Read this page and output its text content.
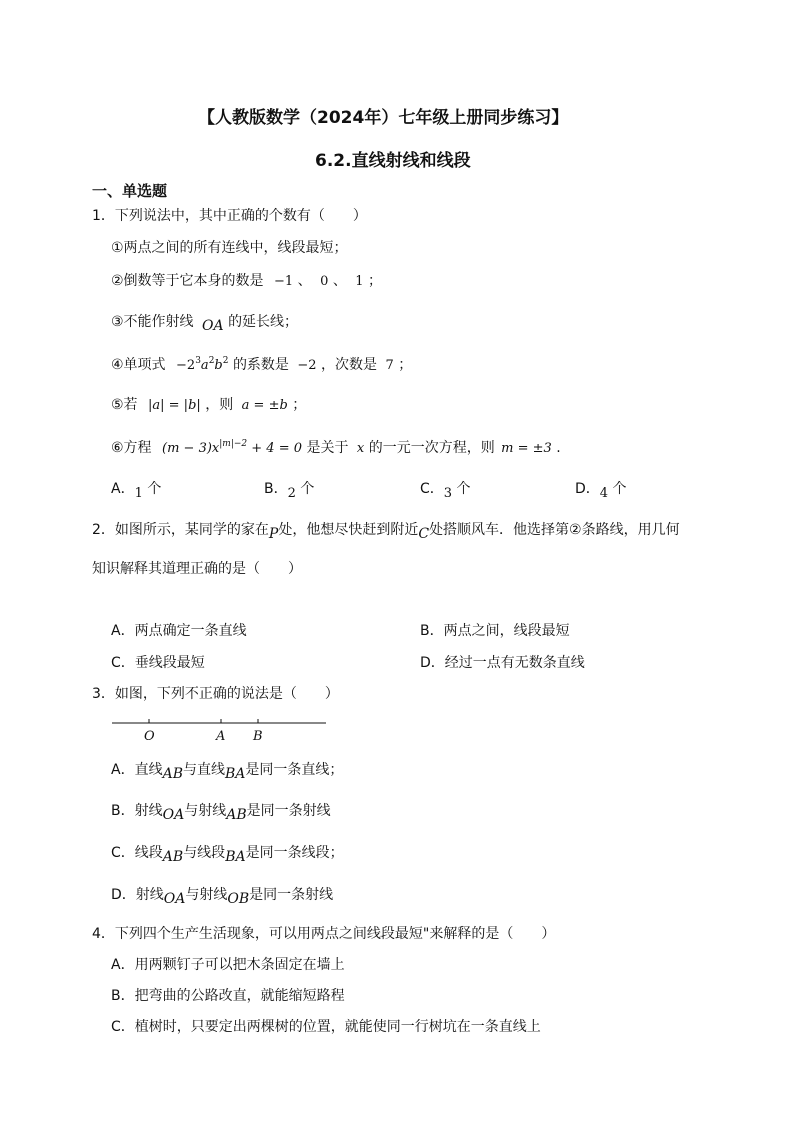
【人教版数学（2024年）七年级上册同步练习】
6.2.直线射线和线段
一、单选题
1．下列说法中，其中正确的个数有（　　）
①两点之间的所有连线中，线段最短；
②倒数等于它本身的数是 −1 、 0 、 1 ；
③不能作射线 OA 的延长线；
④单项式 $-2^3a^2b^2$ 的系数是 −2 ，次数是 7 ；
⑤若 |a| = |b| ，则 a = ±b ；
⑥方程 $(m - 3)x^{|m|-2} + 4 = 0$ 是关于 x 的一元一次方程，则 m = ±3 .
A．1 个	B．2 个	C．3 个	D．4 个
2．如图所示，某同学的家在P处，他想尽快赶到附近C处搭顺风车．他选择第②条路线，用几何
知识解释其道理正确的是（　　）
A．两点确定一条直线	B．两点之间，线段最短
C．垂线段最短	D．经过一点有无数条直线
3．如图，下列不正确的说法是（　　）
O	A B
A．直线AB与直线BA是同一条直线；
B．射线OA与射线AB是同一条射线
C．线段AB与线段BA是同一条线段；
D．射线OA与射线OB是同一条射线
4．下列四个生产生活现象，可以用两点之间线段最短"来解释的是（　　）
A．用两颗钉子可以把木条固定在墙上
B．把弯曲的公路改直，就能缩短路程
C．植树时，只要定出两棵树的位置，就能使同一行树坑在一条直线上
